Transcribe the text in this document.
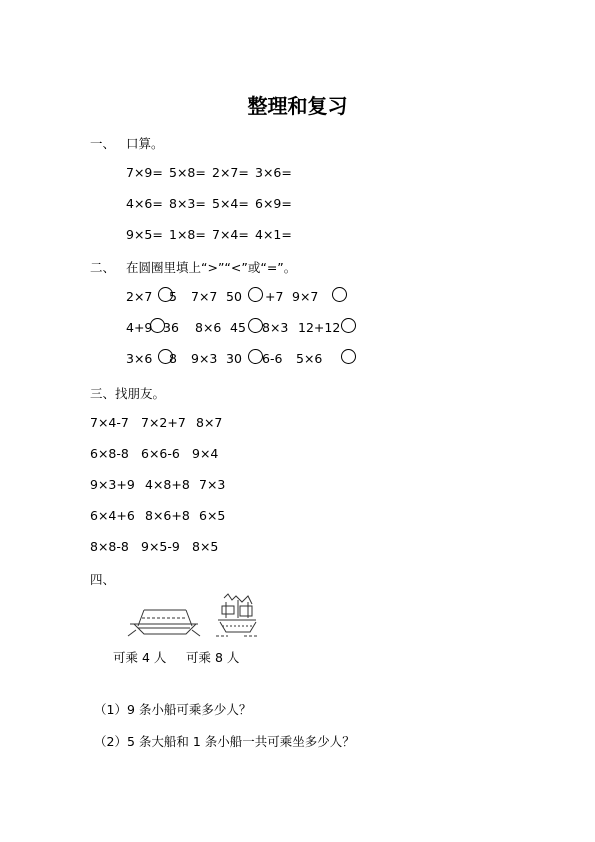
整理和复习
一、 口算。
7×9= 5×8= 2×7= 3×6=
4×6= 8×3= 5×4= 6×9=
9×5= 1×8= 7×4= 4×1=
二、 在圆圈里填上“>”“<”或“=”。
2×7 5 7×7 50 +7 9×7
4+9 36 8×6 45 8×3 12+12
3×6 8 9×3 30 6-6 5×6
三、找朋友。
7×4-7 7×2+7 8×7
6×8-8 6×6-6 9×4
9×3+9 4×8+8 7×3
6×4+6 8×6+8 6×5
8×8-8 9×5-9 8×5
四、
可乘 4 人 可乘 8 人
（1）9 条小船可乘多少人？
（2）5 条大船和 1 条小船一共可乘坐多少人？
